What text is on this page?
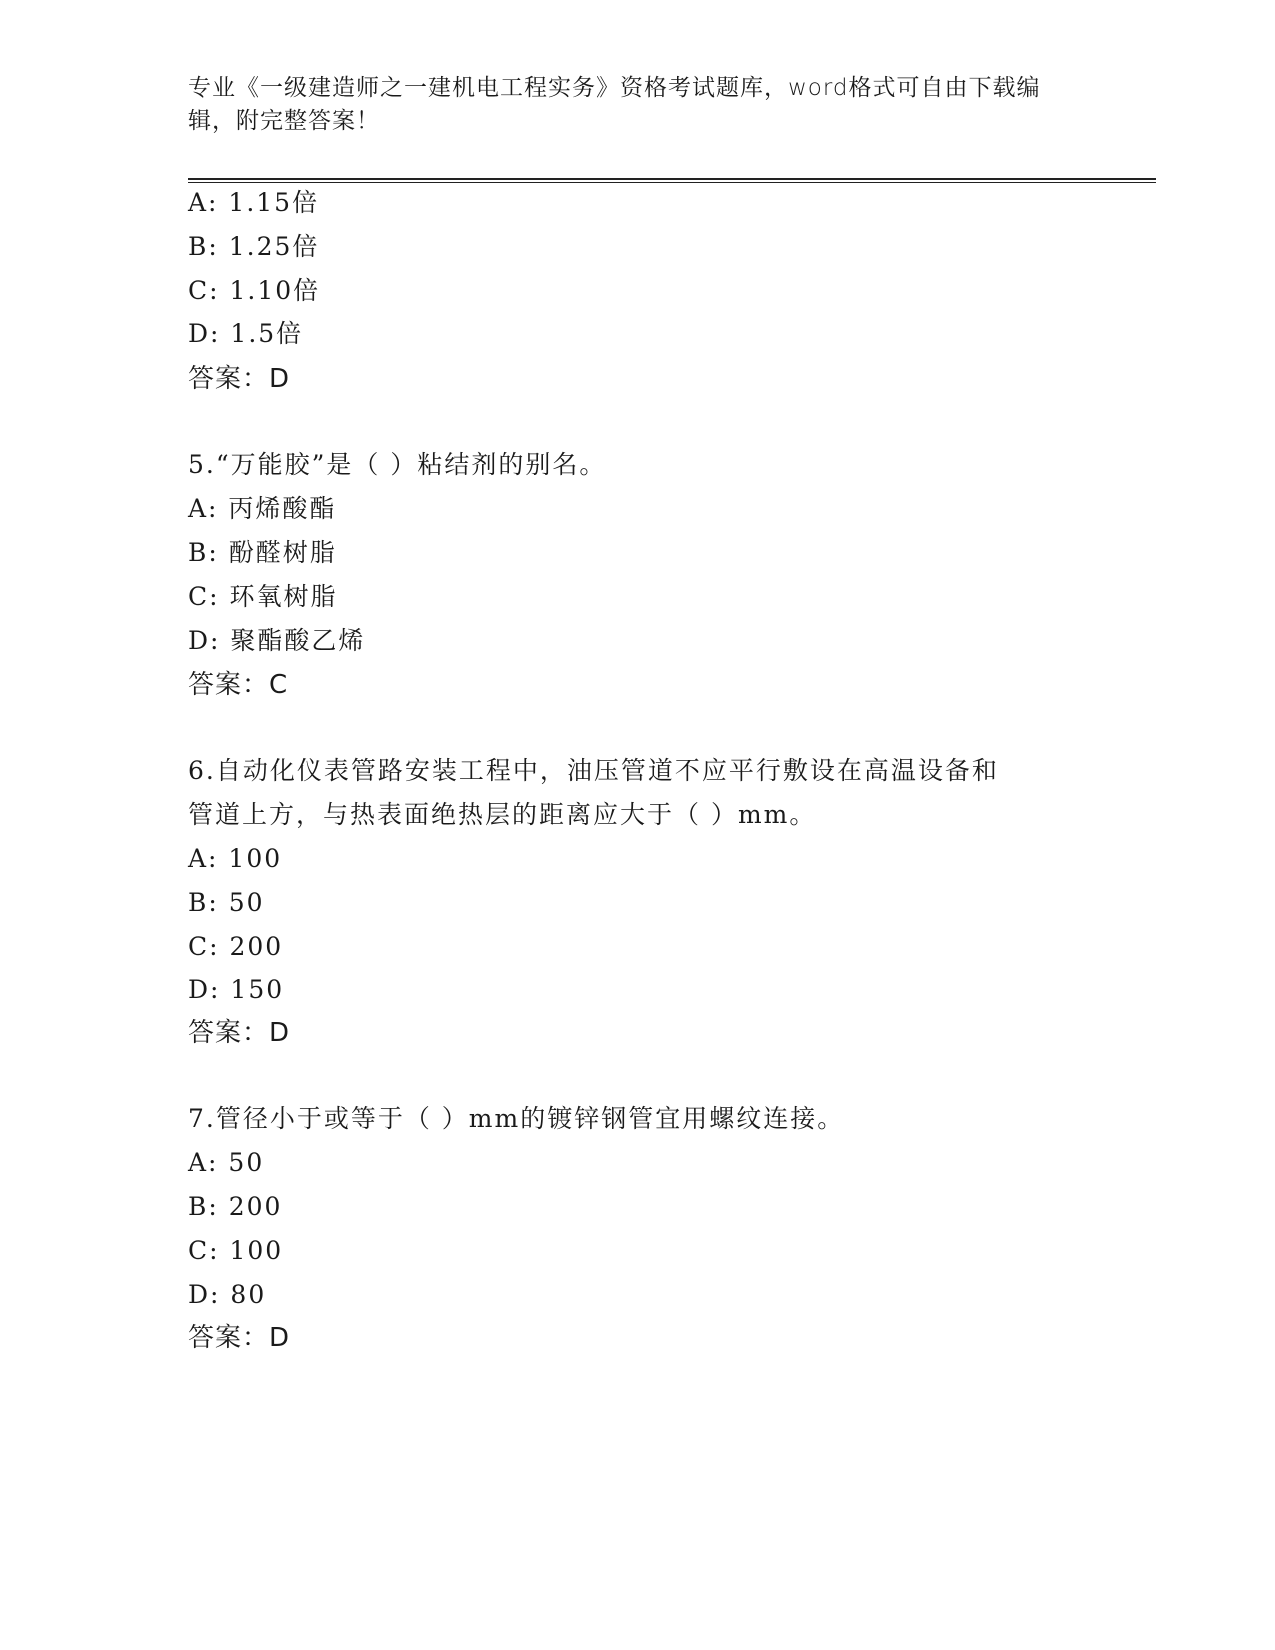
专业《一级建造师之一建机电工程实务》资格考试题库，word格式可自由下载编
辑，附完整答案！
A: 1.15倍
B: 1.25倍
C: 1.10倍
D: 1.5倍
答案：D
5.“万能胶”是（ ）粘结剂的别名。
A: 丙烯酸酯
B: 酚醛树脂
C: 环氧树脂
D: 聚酯酸乙烯
答案：C
6.自动化仪表管路安装工程中，油压管道不应平行敷设在高温设备和
管道上方，与热表面绝热层的距离应大于（ ）mm。
A: 100
B: 50
C: 200
D: 150
答案：D
7.管径小于或等于（ ）mm的镀锌钢管宜用螺纹连接。
A: 50
B: 200
C: 100
D: 80
答案：D
